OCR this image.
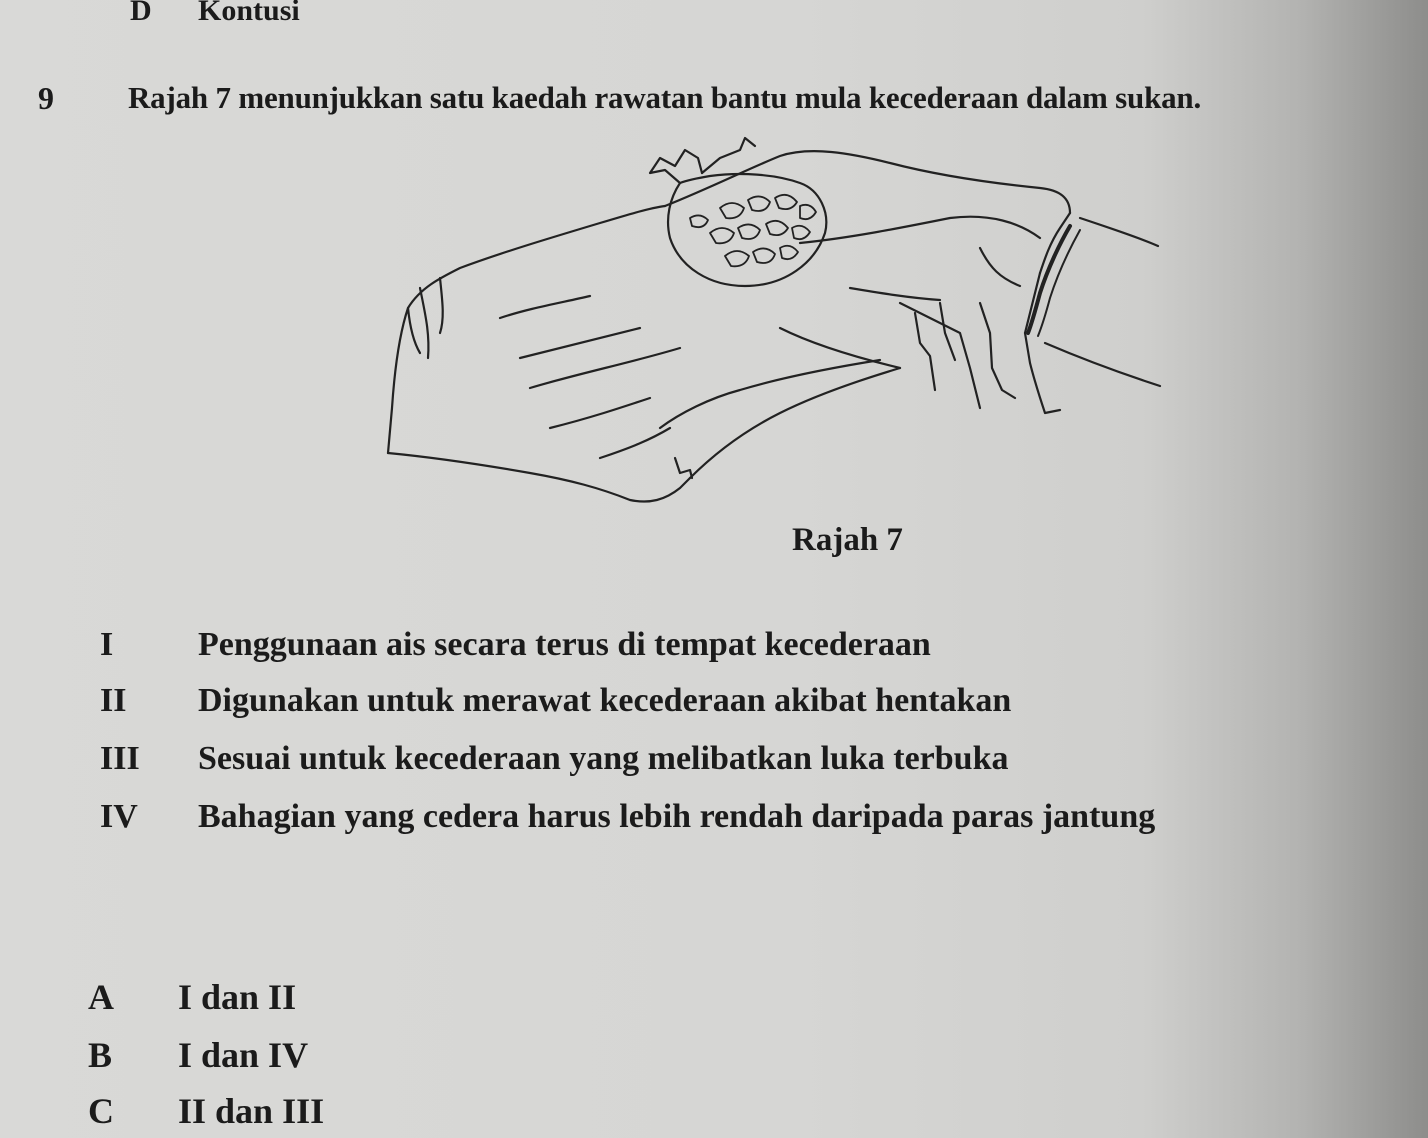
D Kontusi
9 Rajah 7 menunjukkan satu kaedah rawatan bantu mula kecederaan dalam sukan.
Rajah 7
I Penggunaan ais secara terus di tempat kecederaan
II Digunakan untuk merawat kecederaan akibat hentakan
III Sesuai untuk kecederaan yang melibatkan luka terbuka
IV Bahagian yang cedera harus lebih rendah daripada paras jantung
A I dan II
B I dan IV
C II dan III
